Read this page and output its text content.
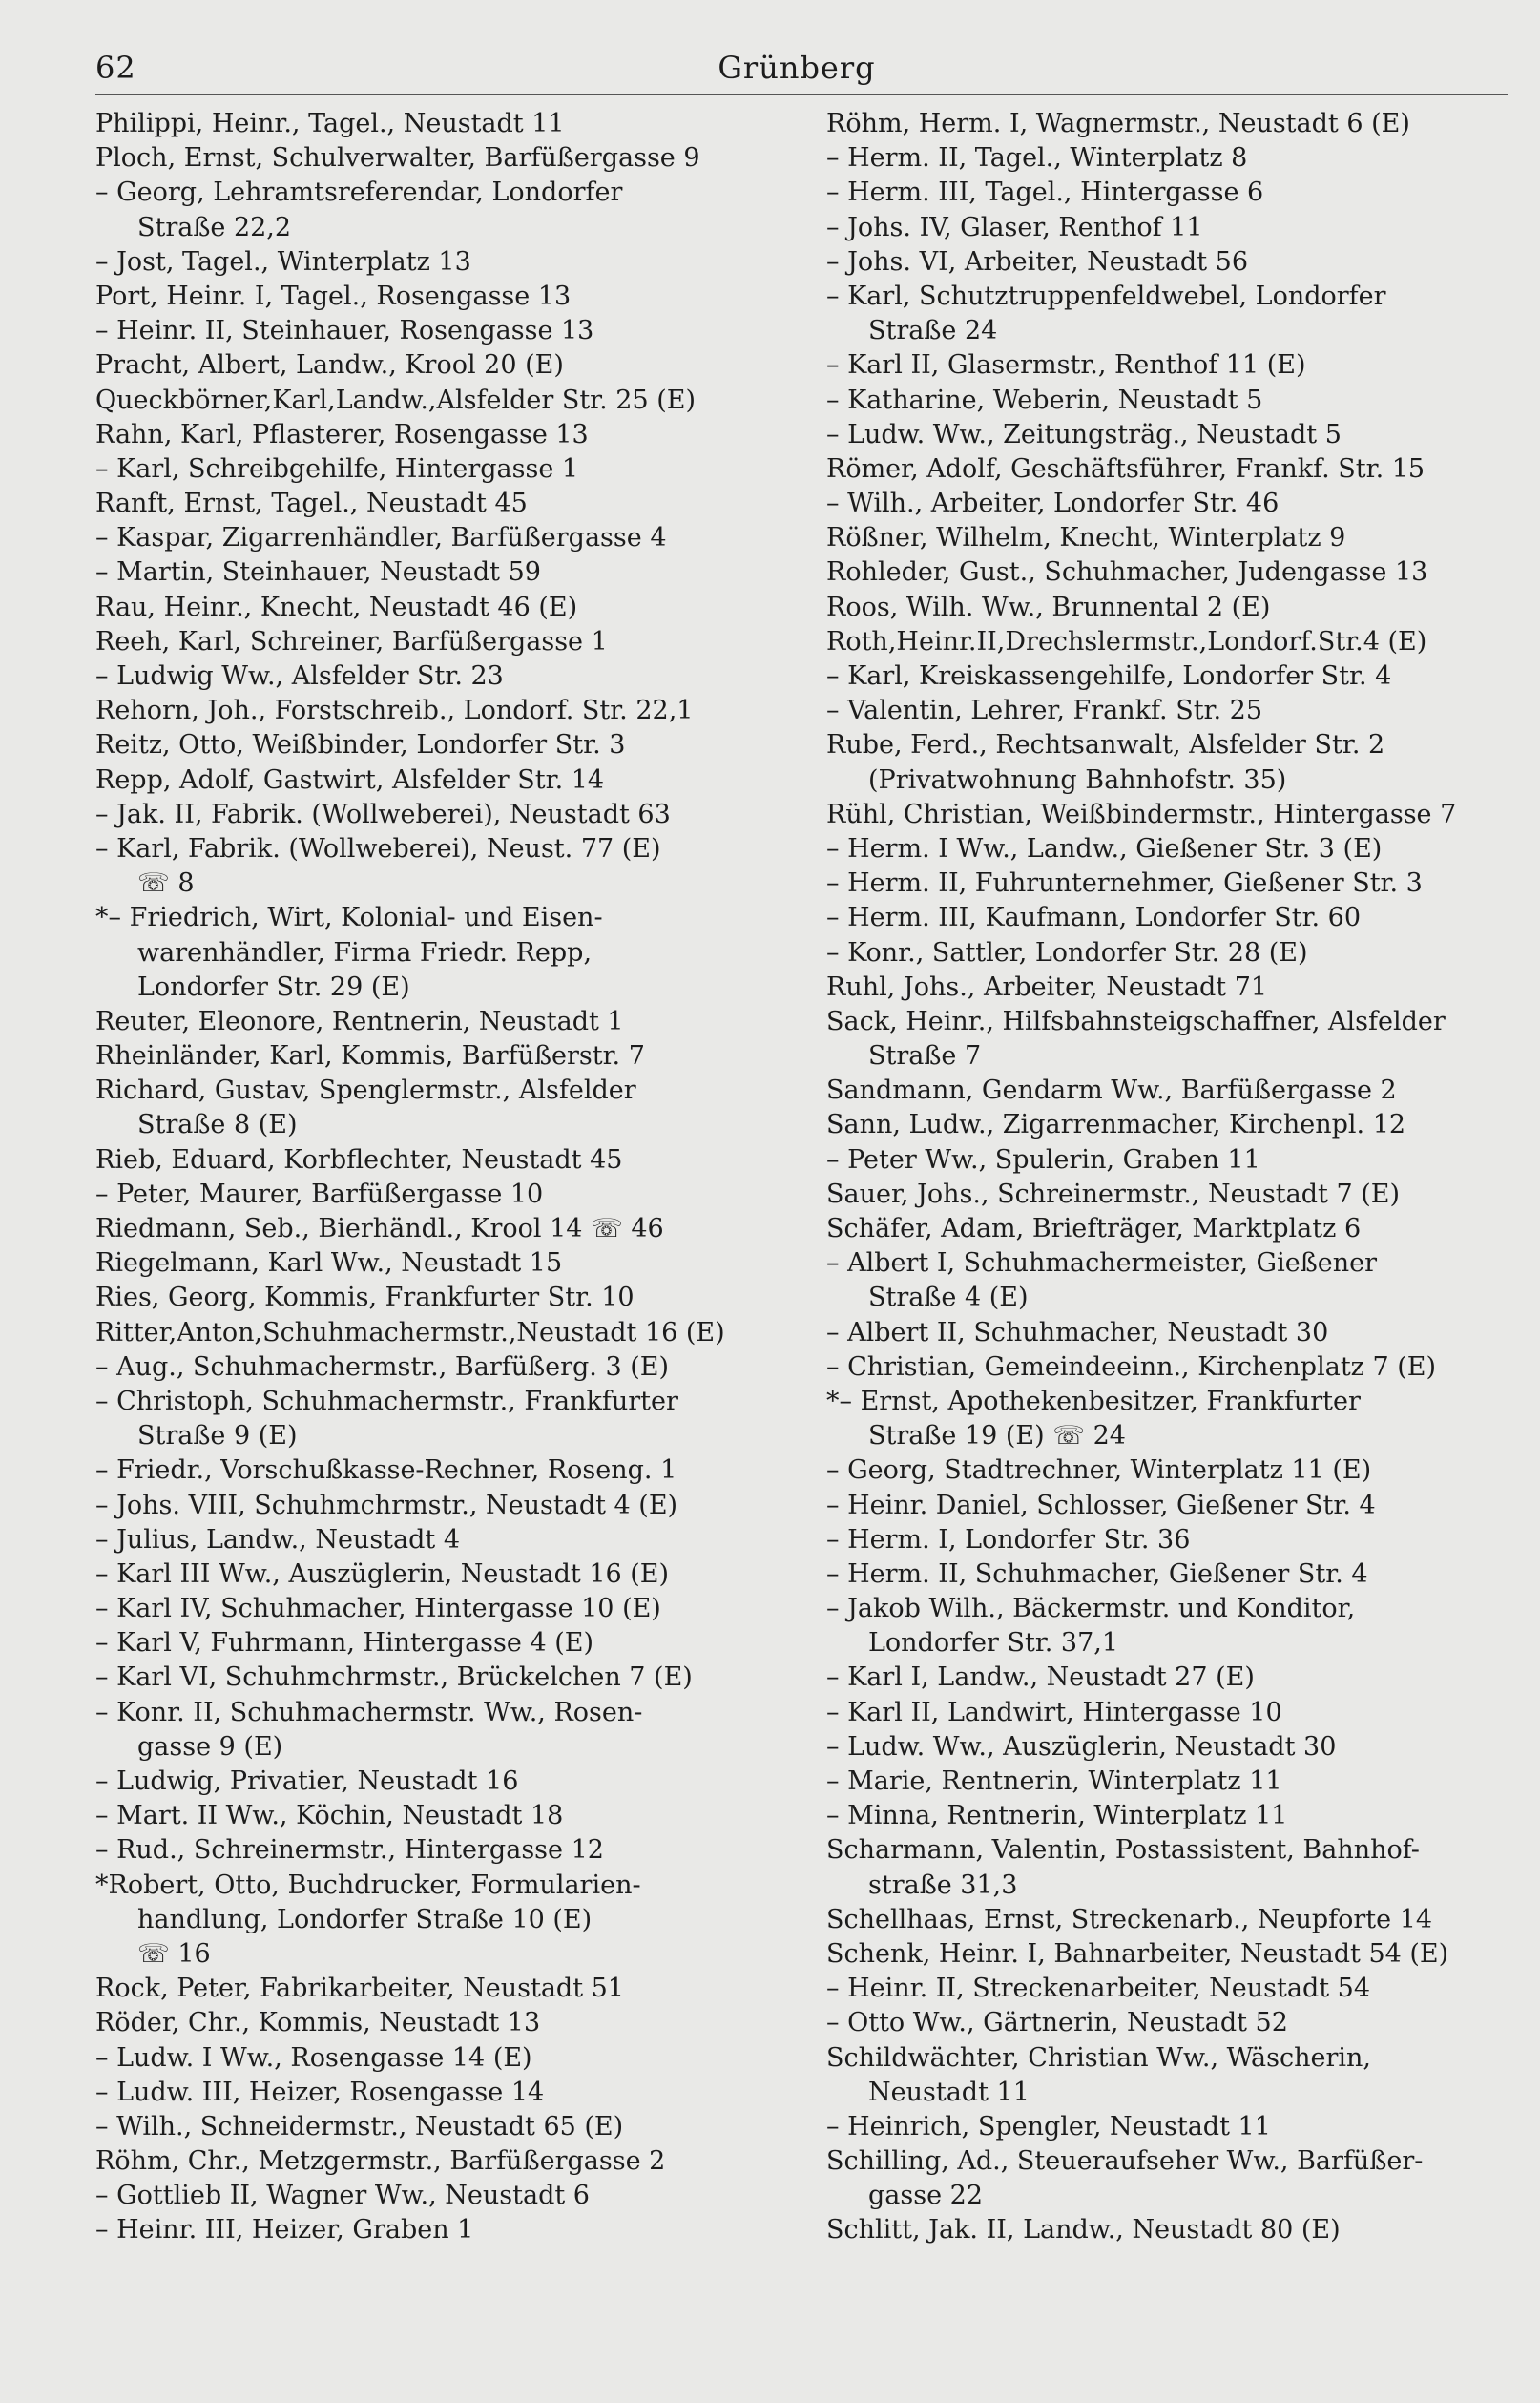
62	Grünberg
Philippi, Heinr., Tagel., Neustadt 11
Ploch, Ernst, Schulverwalter, Barfüßergasse 9
– Georg, Lehramtsreferendar, Londorfer
Straße 22,2
– Jost, Tagel., Winterplatz 13
Port, Heinr. I, Tagel., Rosengasse 13
– Heinr. II, Steinhauer, Rosengasse 13
Pracht, Albert, Landw., Krool 20 (E)
Queckbörner,Karl,Landw.,Alsfelder Str. 25 (E)
Rahn, Karl, Pflasterer, Rosengasse 13
– Karl, Schreibgehilfe, Hintergasse 1
Ranft, Ernst, Tagel., Neustadt 45
– Kaspar, Zigarrenhändler, Barfüßergasse 4
– Martin, Steinhauer, Neustadt 59
Rau, Heinr., Knecht, Neustadt 46 (E)
Reeh, Karl, Schreiner, Barfüßergasse 1
– Ludwig Ww., Alsfelder Str. 23
Rehorn, Joh., Forstschreib., Londorf. Str. 22,1
Reitz, Otto, Weißbinder, Londorfer Str. 3
Repp, Adolf, Gastwirt, Alsfelder Str. 14
– Jak. II, Fabrik. (Wollweberei), Neustadt 63
– Karl, Fabrik. (Wollweberei), Neust. 77 (E)
☏ 8
*– Friedrich, Wirt, Kolonial- und Eisen-
warenhändler, Firma Friedr. Repp,
Londorfer Str. 29 (E)
Reuter, Eleonore, Rentnerin, Neustadt 1
Rheinländer, Karl, Kommis, Barfüßerstr. 7
Richard, Gustav, Spenglermstr., Alsfelder
Straße 8 (E)
Rieb, Eduard, Korbflechter, Neustadt 45
– Peter, Maurer, Barfüßergasse 10
Riedmann, Seb., Bierhändl., Krool 14 ☏ 46
Riegelmann, Karl Ww., Neustadt 15
Ries, Georg, Kommis, Frankfurter Str. 10
Ritter,Anton,Schuhmachermstr.,Neustadt 16 (E)
– Aug., Schuhmachermstr., Barfüßerg. 3 (E)
– Christoph, Schuhmachermstr., Frankfurter
Straße 9 (E)
– Friedr., Vorschußkasse-Rechner, Roseng. 1
– Johs. VIII, Schuhmchrmstr., Neustadt 4 (E)
– Julius, Landw., Neustadt 4
– Karl III Ww., Auszüglerin, Neustadt 16 (E)
– Karl IV, Schuhmacher, Hintergasse 10 (E)
– Karl V, Fuhrmann, Hintergasse 4 (E)
– Karl VI, Schuhmchrmstr., Brückelchen 7 (E)
– Konr. II, Schuhmachermstr. Ww., Rosen-
gasse 9 (E)
– Ludwig, Privatier, Neustadt 16
– Mart. II Ww., Köchin, Neustadt 18
– Rud., Schreinermstr., Hintergasse 12
*Robert, Otto, Buchdrucker, Formularien-
handlung, Londorfer Straße 10 (E)
☏ 16
Rock, Peter, Fabrikarbeiter, Neustadt 51
Röder, Chr., Kommis, Neustadt 13
– Ludw. I Ww., Rosengasse 14 (E)
– Ludw. III, Heizer, Rosengasse 14
– Wilh., Schneidermstr., Neustadt 65 (E)
Röhm, Chr., Metzgermstr., Barfüßergasse 2
– Gottlieb II, Wagner Ww., Neustadt 6
– Heinr. III, Heizer, Graben 1
Röhm, Herm. I, Wagnermstr., Neustadt 6 (E)
– Herm. II, Tagel., Winterplatz 8
– Herm. III, Tagel., Hintergasse 6
– Johs. IV, Glaser, Renthof 11
– Johs. VI, Arbeiter, Neustadt 56
– Karl, Schutztruppenfeldwebel, Londorfer
Straße 24
– Karl II, Glasermstr., Renthof 11 (E)
– Katharine, Weberin, Neustadt 5
– Ludw. Ww., Zeitungsträg., Neustadt 5
Römer, Adolf, Geschäftsführer, Frankf. Str. 15
– Wilh., Arbeiter, Londorfer Str. 46
Rößner, Wilhelm, Knecht, Winterplatz 9
Rohleder, Gust., Schuhmacher, Judengasse 13
Roos, Wilh. Ww., Brunnental 2 (E)
Roth,Heinr.II,Drechslermstr.,Londorf.Str.4 (E)
– Karl, Kreiskassengehilfe, Londorfer Str. 4
– Valentin, Lehrer, Frankf. Str. 25
Rube, Ferd., Rechtsanwalt, Alsfelder Str. 2
(Privatwohnung Bahnhofstr. 35)
Rühl, Christian, Weißbindermstr., Hintergasse 7
– Herm. I Ww., Landw., Gießener Str. 3 (E)
– Herm. II, Fuhrunternehmer, Gießener Str. 3
– Herm. III, Kaufmann, Londorfer Str. 60
– Konr., Sattler, Londorfer Str. 28 (E)
Ruhl, Johs., Arbeiter, Neustadt 71
Sack, Heinr., Hilfsbahnsteigschaffner, Alsfelder
Straße 7
Sandmann, Gendarm Ww., Barfüßergasse 2
Sann, Ludw., Zigarrenmacher, Kirchenpl. 12
– Peter Ww., Spulerin, Graben 11
Sauer, Johs., Schreinermstr., Neustadt 7 (E)
Schäfer, Adam, Briefträger, Marktplatz 6
– Albert I, Schuhmachermeister, Gießener
Straße 4 (E)
– Albert II, Schuhmacher, Neustadt 30
– Christian, Gemeindeeinn., Kirchenplatz 7 (E)
*– Ernst, Apothekenbesitzer, Frankfurter
Straße 19 (E) ☏ 24
– Georg, Stadtrechner, Winterplatz 11 (E)
– Heinr. Daniel, Schlosser, Gießener Str. 4
– Herm. I, Londorfer Str. 36
– Herm. II, Schuhmacher, Gießener Str. 4
– Jakob Wilh., Bäckermstr. und Konditor,
Londorfer Str. 37,1
– Karl I, Landw., Neustadt 27 (E)
– Karl II, Landwirt, Hintergasse 10
– Ludw. Ww., Auszüglerin, Neustadt 30
– Marie, Rentnerin, Winterplatz 11
– Minna, Rentnerin, Winterplatz 11
Scharmann, Valentin, Postassistent, Bahnhof-
straße 31,3
Schellhaas, Ernst, Streckenarb., Neupforte 14
Schenk, Heinr. I, Bahnarbeiter, Neustadt 54 (E)
– Heinr. II, Streckenarbeiter, Neustadt 54
– Otto Ww., Gärtnerin, Neustadt 52
Schildwächter, Christian Ww., Wäscherin,
Neustadt 11
– Heinrich, Spengler, Neustadt 11
Schilling, Ad., Steueraufseher Ww., Barfüßer-
gasse 22
Schlitt, Jak. II, Landw., Neustadt 80 (E)
